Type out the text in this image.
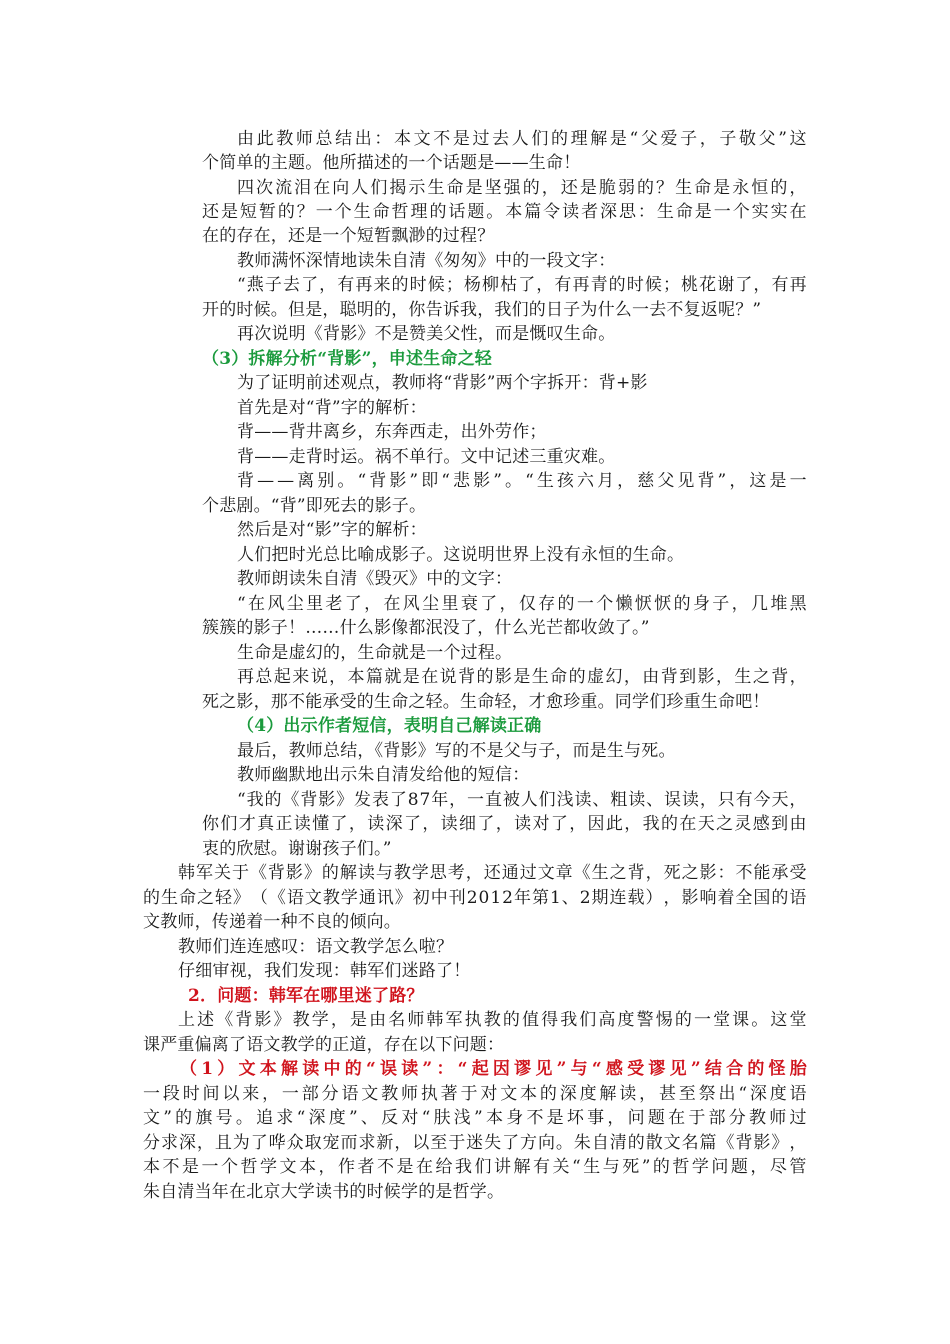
由 此 教 师 总 结 出 ： 本 文 不 是 过 去 人 们 的 理 解 是 “ 父 爱 子 ， 子 敬 父 ” 这
个简单的主题。他所描述的一个话题是——生命！
四 次 流 泪 在 向 人 们 揭 示 生 命 是 坚 强 的 ， 还 是 脆 弱 的 ？ 生 命 是 永 恒 的 ，
还 是 短 暂 的 ？ 一 个 生 命 哲 理 的 话 题 。 本 篇 令 读 者 深 思 ： 生 命 是 一 个 实 实 在
在的存在，还是一个短暂飘渺的过程？
教师满怀深情地读朱自清《匆匆》中的一段文字：
“ 燕 子 去 了 ， 有 再 来 的 时 候 ； 杨 柳 枯 了 ， 有 再 青 的 时 候 ； 桃 花 谢 了 ， 有 再
开的时候。但是，聪明的，你告诉我，我们的日子为什么一去不复返呢？”
再次说明《背影》不是赞美父性，而是慨叹生命。
（3）拆解分析“背影”，申述生命之轻
为了证明前述观点，教师将“背影”两个字拆开：背+影
首先是对“背”字的解析：
背——背井离乡，东奔西走，出外劳作；
背——走背时运。祸不单行。文中记述三重灾难。
背 — — 离 别 。 “ 背 影 ” 即 “ 悲 影 ” 。 “ 生 孩 六 月 ， 慈 父 见 背 ” ， 这 是 一
个悲剧。“背”即死去的影子。
然后是对“影”字的解析：
人们把时光总比喻成影子。这说明世界上没有永恒的生命。
教师朗读朱自清《毁灭》中的文字：
“ 在 风 尘 里 老 了 ， 在 风 尘 里 衰 了 ， 仅 存 的 一 个 懒 恹 恹 的 身 子 ， 几 堆 黑
簇簇的影子！……什么影像都泯没了，什么光芒都收敛了。”
生命是虚幻的，生命就是一个过程。
再 总 起 来 说 ， 本 篇 就 是 在 说 背 的 影 是 生 命 的 虚 幻 ， 由 背 到 影 ， 生 之 背 ，
死之影，那不能承受的生命之轻。生命轻，才愈珍重。同学们珍重生命吧！
（4）出示作者短信，表明自己解读正确
最后，教师总结，《背影》写的不是父与子，而是生与死。
教师幽默地出示朱自清发给他的短信：
“ 我 的 《 背 影 》 发 表 了 8 7 年 ， 一 直 被 人 们 浅 读 、 粗 读 、 误 读 ， 只 有 今 天 ，
你 们 才 真 正 读 懂 了 ， 读 深 了 ， 读 细 了 ， 读 对 了 ， 因 此 ， 我 的 在 天 之 灵 感 到 由
衷的欣慰。谢谢孩子们。”
韩 军 关 于 《 背 影 》 的 解 读 与 教 学 思 考 ， 还 通 过 文 章 《 生 之 背 ， 死 之 影 ： 不 能 承 受
的 生 命 之 轻 》 （ 《 语 文 教 学 通 讯 》 初 中 刊 2 0 1 2 年 第 1 、 2 期 连 载 ） ， 影 响 着 全 国 的 语
文教师，传递着一种不良的倾向。
教师们连连感叹：语文教学怎么啦？
仔细审视，我们发现：韩军们迷路了！
2．问题：韩军在哪里迷了路？
上 述 《 背 影 》 教 学 ， 是 由 名 师 韩 军 执 教 的 值 得 我 们 高 度 警 惕 的 一 堂 课 。 这 堂
课严重偏离了语文教学的正道，存在以下问题：
（ 1 ） 文 本 解 读 中 的 “ 误 读 ” ： “ 起 因 谬 见 ” 与 “ 感 受 谬 见 ” 结 合 的 怪 胎
一 段 时 间 以 来 ， 一 部 分 语 文 教 师 执 著 于 对 文 本 的 深 度 解 读 ， 甚 至 祭 出 “ 深 度 语
文 ” 的 旗 号 。 追 求 “ 深 度 ” 、 反 对 “ 肤 浅 ” 本 身 不 是 坏 事 ， 问 题 在 于 部 分 教 师 过
分 求 深 ， 且 为 了 哗 众 取 宠 而 求 新 ， 以 至 于 迷 失 了 方 向 。 朱 自 清 的 散 文 名 篇 《 背 影 》 ，
本 不 是 一 个 哲 学 文 本 ， 作 者 不 是 在 给 我 们 讲 解 有 关 “ 生 与 死 ” 的 哲 学 问 题 ， 尽 管
朱自清当年在北京大学读书的时候学的是哲学。
